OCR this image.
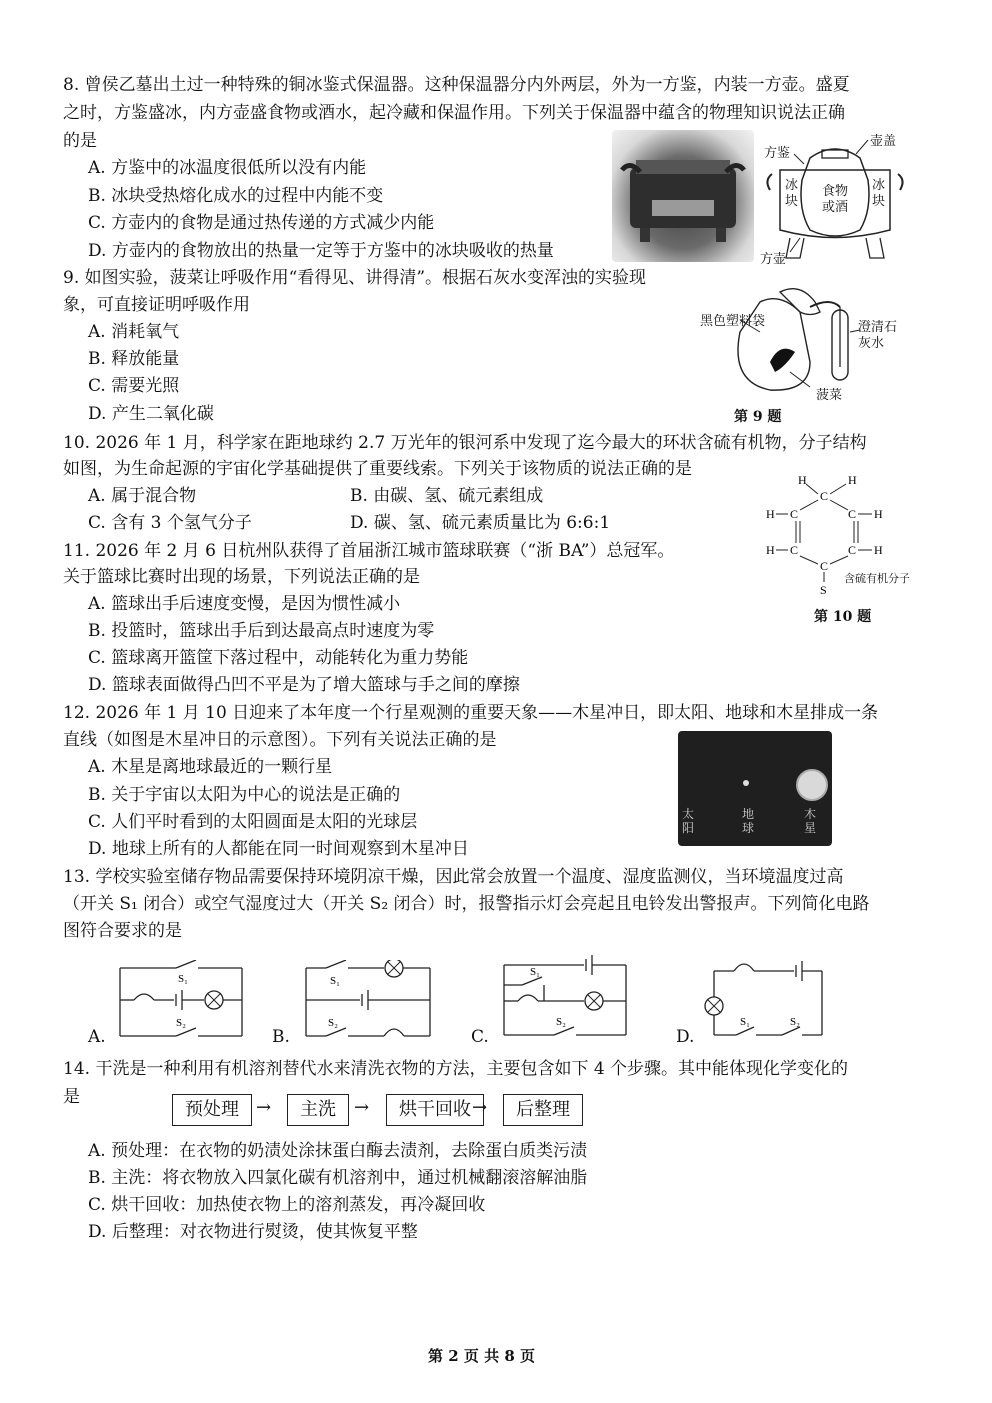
8. 曾侯乙墓出土过一种特殊的铜冰鉴式保温器。这种保温器分内外两层，外为一方鉴，内装一方壶。盛夏
之时，方鉴盛冰，内方壶盛食物或酒水，起冷藏和保温作用。下列关于保温器中蕴含的物理知识说法正确
的是
A. 方鉴中的冰温度很低所以没有内能
B. 冰块受热熔化成水的过程中内能不变
C. 方壶内的食物是通过热传递的方式减少内能
D. 方壶内的食物放出的热量一定等于方鉴中的冰块吸收的热量
壶盖
方鉴
方壶
冰块
冰块
食物或酒
9. 如图实验，菠菜让呼吸作用“看得见、讲得清”。根据石灰水变浑浊的实验现
象，可直接证明呼吸作用
A. 消耗氧气
B. 释放能量
C. 需要光照
D. 产生二氧化碳
黑色塑料袋	澄清石灰水
菠菜
第 9 题
10. 2026 年 1 月，科学家在距地球约 2.7 万光年的银河系中发现了迄今最大的环状含硫有机物，分子结构
如图，为生命起源的宇宙化学基础提供了重要线索。下列关于该物质的说法正确的是
A. 属于混合物	B. 由碳、氢、硫元素组成
C. 含有 3 个氢气分子	D. 碳、氢、硫元素质量比为 6:6:1
H	H
C
C	C
H	H
C	C
H	H
C
S
含硫有机分子
第 10 题
11. 2026 年 2 月 6 日杭州队获得了首届浙江城市篮球联赛（“浙 BA”）总冠军。
关于篮球比赛时出现的场景，下列说法正确的是
A. 篮球出手后速度变慢，是因为惯性减小
B. 投篮时，篮球出手后到达最高点时速度为零
C. 篮球离开篮筐下落过程中，动能转化为重力势能
D. 篮球表面做得凸凹不平是为了增大篮球与手之间的摩擦
12. 2026 年 1 月 10 日迎来了本年度一个行星观测的重要天象——木星冲日，即太阳、地球和木星排成一条
直线（如图是木星冲日的示意图）。下列有关说法正确的是
A. 木星是离地球最近的一颗行星
B. 关于宇宙以太阳为中心的说法是正确的
C. 人们平时看到的太阳圆面是太阳的光球层
D. 地球上所有的人都能在同一时间观察到木星冲日
太阳
地球
木星
13. 学校实验室储存物品需要保持环境阴凉干燥，因此常会放置一个温度、湿度监测仪，当环境温度过高
（开关 S₁ 闭合）或空气湿度过大（开关 S₂ 闭合）时，报警指示灯会亮起且电铃发出警报声。下列简化电路
图符合要求的是
S₁
S₂
A.
S₁
S₂
B.
S₁
S₂
C.
S₁	S₂
D.
14. 干洗是一种利用有机溶剂替代水来清洗衣物的方法，主要包含如下 4 个步骤。其中能体现化学变化的
是
预处理 →	主洗	→	烘干回收 →	后整理
A. 预处理：在衣物的奶渍处涂抹蛋白酶去渍剂，去除蛋白质类污渍
B. 主洗：将衣物放入四氯化碳有机溶剂中，通过机械翻滚溶解油脂
C. 烘干回收：加热使衣物上的溶剂蒸发，再冷凝回收
D. 后整理：对衣物进行熨烫，使其恢复平整
第 2 页 共 8 页
